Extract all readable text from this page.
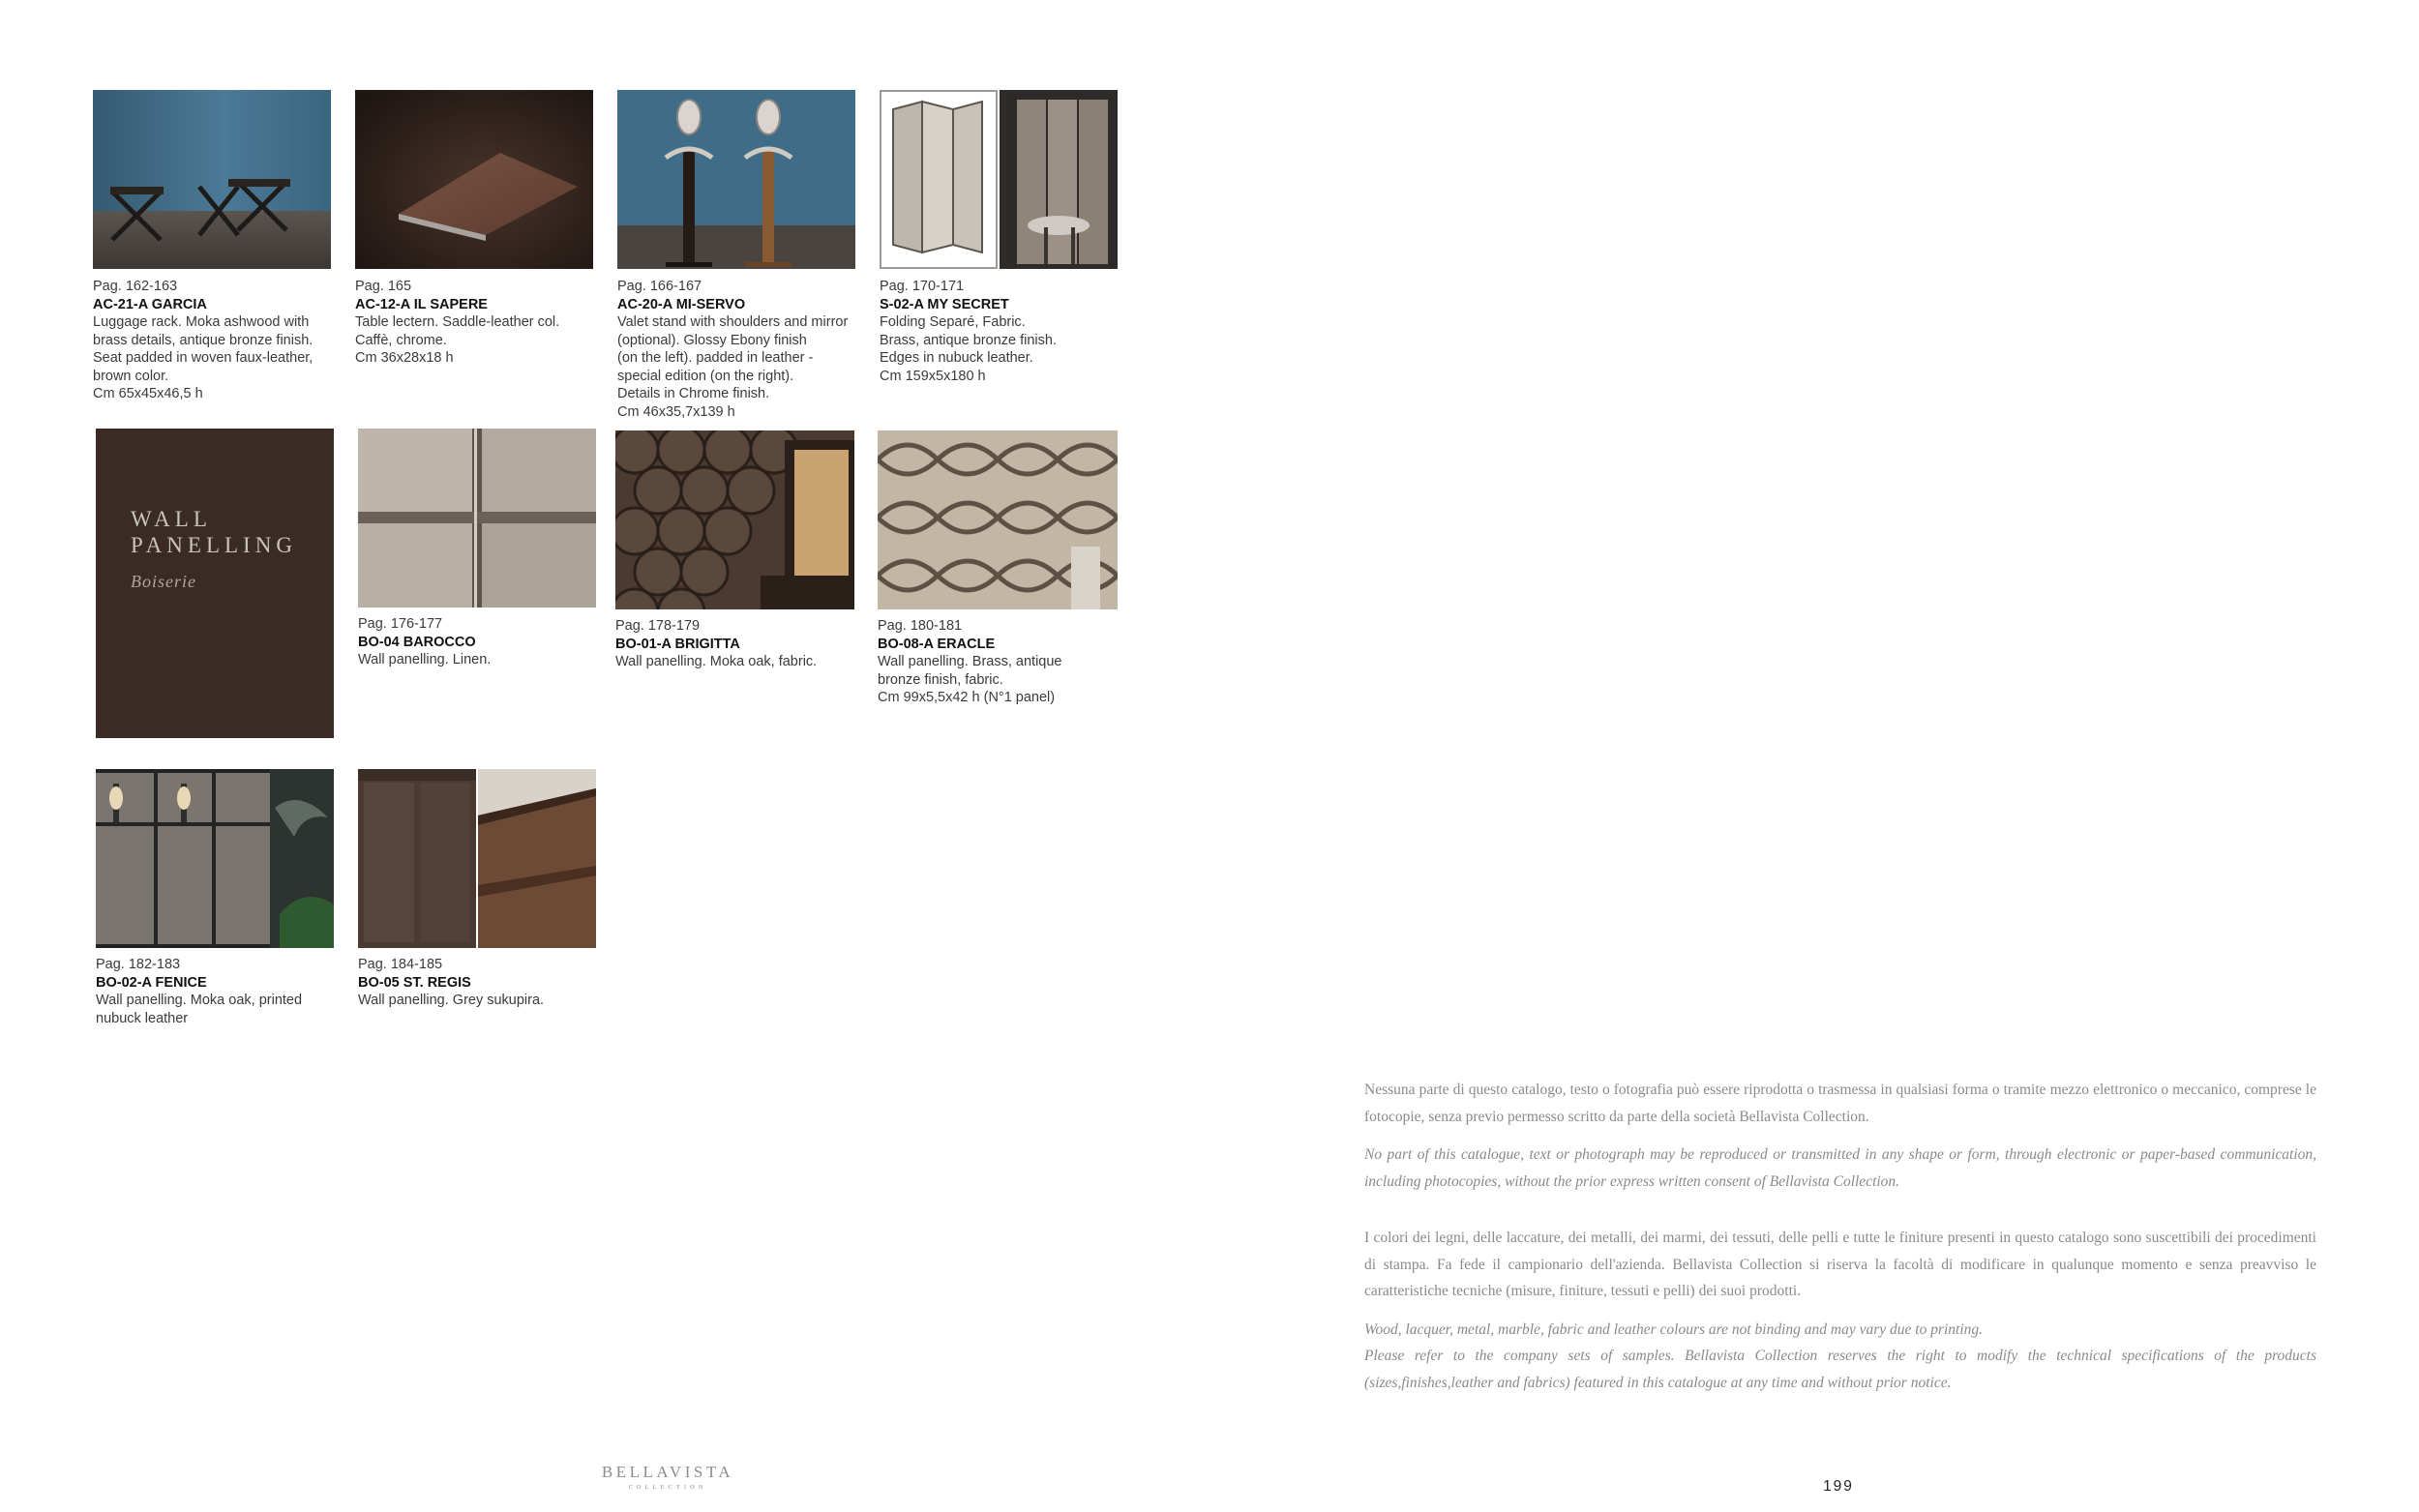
Pag. 162-163
AC-21-A GARCIA
Luggage rack. Moka ashwood with
brass details, antique bronze finish.
Seat padded in woven faux-leather,
brown color.
Cm 65x45x46,5 h
Pag. 165
AC-12-A IL SAPERE
Table lectern. Saddle-leather col.
Caffè, chrome.
Cm 36x28x18 h
Pag. 166-167
AC-20-A MI-SERVO
Valet stand with shoulders and mirror
(optional). Glossy Ebony finish
(on the left). padded in leather -
special edition (on the right).
Details in Chrome finish.
Cm 46x35,7x139 h
Pag. 170-171
S-02-A MY SECRET
Folding Separé, Fabric.
Brass, antique bronze finish.
Edges in nubuck leather.
Cm 159x5x180 h
WALL
PANELLING
Boiserie
Pag. 176-177
BO-04 BAROCCO
Wall panelling. Linen.
Pag. 178-179
BO-01-A BRIGITTA
Wall panelling. Moka oak, fabric.
Pag. 180-181
BO-08-A ERACLE
Wall panelling. Brass, antique
bronze finish, fabric.
Cm 99x5,5x42 h (N°1 panel)
Pag. 182-183
BO-02-A FENICE
Wall panelling. Moka oak, printed
nubuck leather
Pag. 184-185
BO-05 ST. REGIS
Wall panelling. Grey sukupira.

Nessuna parte di questo catalogo, testo o fotografia può essere riprodotta o trasmessa in qualsiasi forma o tramite mezzo elettronico o meccanico, comprese le fotocopie, senza previo permesso scritto da parte della società Bellavista Collection.

No part of this catalogue, text or photograph may be reproduced or transmitted in any shape or form, through electronic or paper-based communication, including photocopies, without the prior express written consent of Bellavista Collection.

I colori dei legni, delle laccature, dei metalli, dei marmi, dei tessuti, delle pelli e tutte le finiture presenti in questo catalogo sono suscettibili dei procedimenti di stampa. Fa fede il campionario dell'azienda. Bellavista Collection si riserva la facoltà di modificare in qualunque momento e senza preavviso le caratteristiche tecniche (misure, finiture, tessuti e pelli) dei suoi prodotti.

Wood, lacquer, metal, marble, fabric and leather colours are not binding and may vary due to printing.
Please refer to the company sets of samples. Bellavista Collection reserves the right to modify the technical specifications of the products (sizes,finishes,leather and fabrics) featured in this catalogue at any time and without prior notice.

BELLAVISTA
COLLECTION	199
